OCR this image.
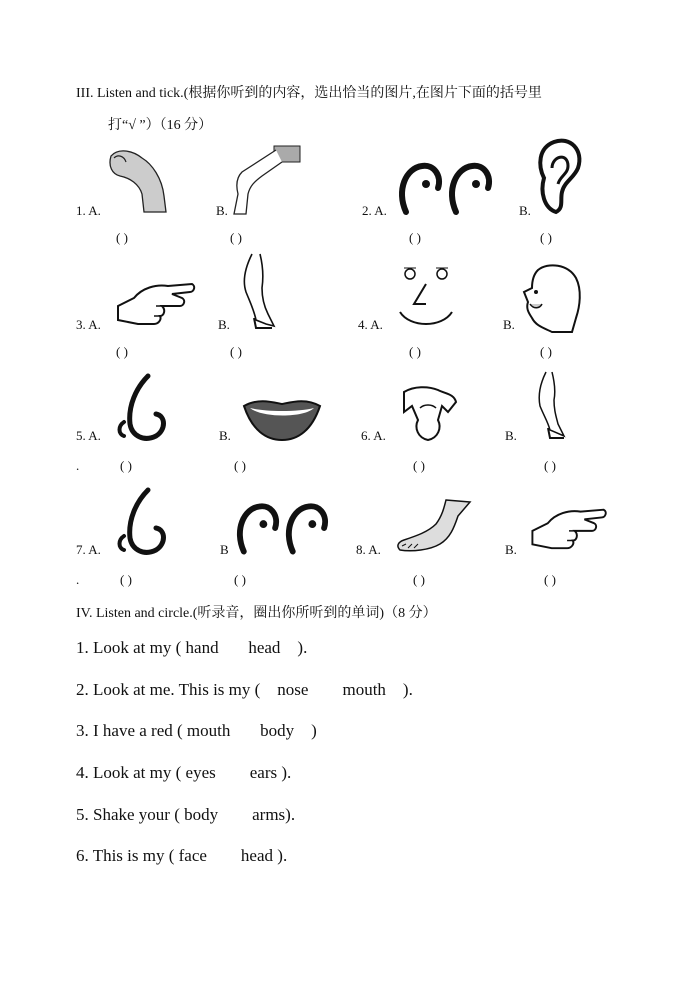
III. Listen and tick.(根据你听到的内容，选出恰当的图片,在图片下面的括号里
打“√ ”）（16 分）
1. A.	B.	2. A.	B.
( )	( )	( )	( )
3. A.	B.	4. A.	B.
( )	( )	( )	( )
5. A.	B.	6. A.	B.
.	( )	( )	( )	( )
7. A.	B	8. A.	B.
.	( )	( )	( )	( )
IV. Listen and circle.(听录音，圈出你所听到的单词)（8 分）
1. Look at my ( hand       head    ).
2. Look at me. This is my (    nose        mouth    ).
3. I have a red ( mouth       body    )
4. Look at my ( eyes        ears ).
5. Shake your ( body        arms).
6. This is my ( face        head ).
